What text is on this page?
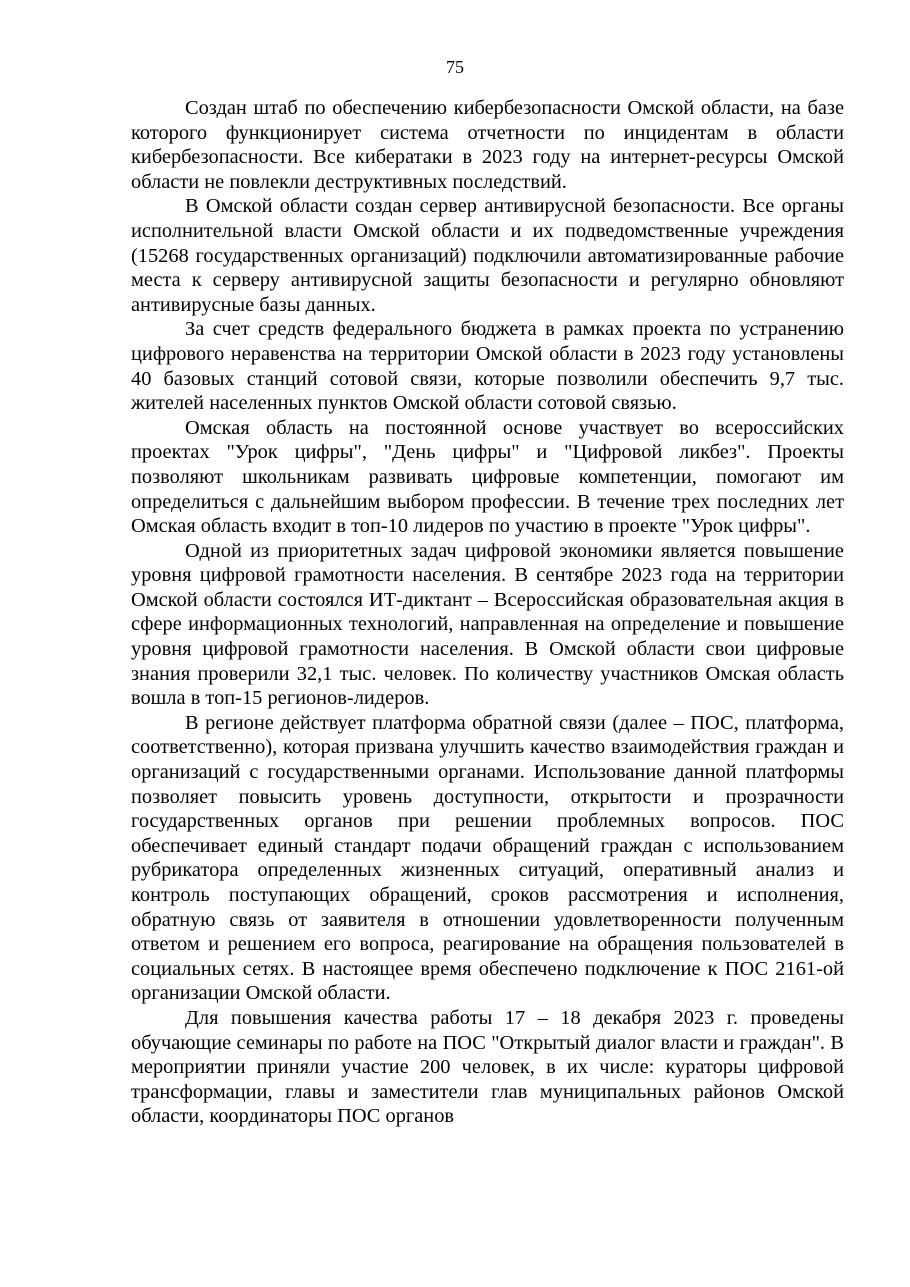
75

Создан штаб по обеспечению кибербезопасности Омской области, на базе которого функционирует система отчетности по инцидентам в области кибербезопасности. Все кибератаки в 2023 году на интернет-ресурсы Омской области не повлекли деструктивных последствий.

В Омской области создан сервер антивирусной безопасности. Все органы исполнительной власти Омской области и их подведомственные учреждения (15268 государственных организаций) подключили автоматизированные рабочие места к серверу антивирусной защиты безопасности и регулярно обновляют антивирусные базы данных.

За счет средств федерального бюджета в рамках проекта по устранению цифрового неравенства на территории Омской области в 2023 году установлены 40 базовых станций сотовой связи, которые позволили обеспечить 9,7 тыс. жителей населенных пунктов Омской области сотовой связью.

Омская область на постоянной основе участвует во всероссийских проектах "Урок цифры", "День цифры" и "Цифровой ликбез". Проекты позволяют школьникам развивать цифровые компетенции, помогают им определиться с дальнейшим выбором профессии. В течение трех последних лет Омская область входит в топ-10 лидеров по участию в проекте "Урок цифры".

Одной из приоритетных задач цифровой экономики является повышение уровня цифровой грамотности населения. В сентябре 2023 года на территории Омской области состоялся ИТ-диктант – Всероссийская образовательная акция в сфере информационных технологий, направленная на определение и повышение уровня цифровой грамотности населения. В Омской области свои цифровые знания проверили 32,1 тыс. человек. По количеству участников Омская область вошла в топ-15 регионов-лидеров.

В регионе действует платформа обратной связи (далее – ПОС, платформа, соответственно), которая призвана улучшить качество взаимодействия граждан и организаций с государственными органами. Использование данной платформы позволяет повысить уровень доступности, открытости и прозрачности государственных органов при решении проблемных вопросов. ПОС обеспечивает единый стандарт подачи обращений граждан с использованием рубрикатора определенных жизненных ситуаций, оперативный анализ и контроль поступающих обращений, сроков рассмотрения и исполнения, обратную связь от заявителя в отношении удовлетворенности полученным ответом и решением его вопроса, реагирование на обращения пользователей в социальных сетях. В настоящее время обеспечено подключение к ПОС 2161-ой организации Омской области.

Для повышения качества работы 17 – 18 декабря 2023 г. проведены обучающие семинары по работе на ПОС "Открытый диалог власти и граждан". В мероприятии приняли участие 200 человек, в их числе: кураторы цифровой трансформации, главы и заместители глав муниципальных районов Омской области, координаторы ПОС органов
